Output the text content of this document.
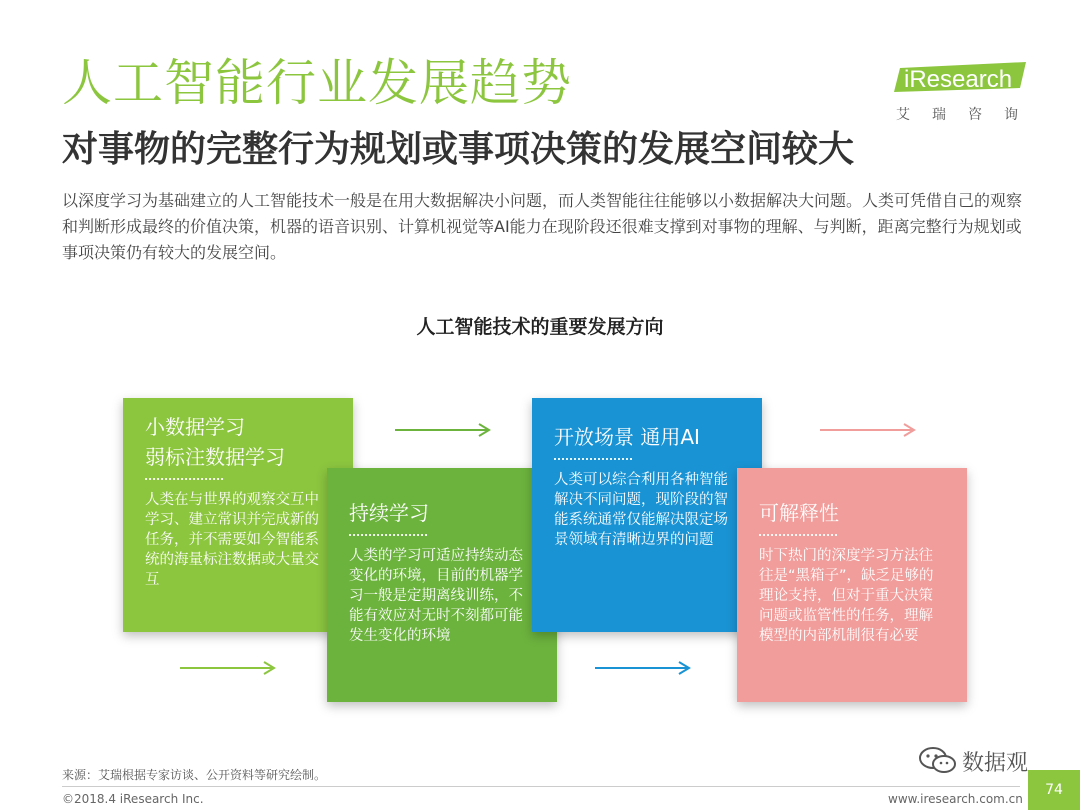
人工智能行业发展趋势
对事物的完整行为规划或事项决策的发展空间较大
iResearch
艾瑞咨询

以深度学习为基础建立的人工智能技术一般是在用大数据解决小问题，而人类智能往往能够以小数据解决大问题。人类可凭借自己的观察和判断形成最终的价值决策，机器的语音识别、计算机视觉等AI能力在现阶段还很难支撑到对事物的理解、与判断，距离完整行为规划或事项决策仍有较大的发展空间。

人工智能技术的重要发展方向
小数据学习
弱标注数据学习

人类在与世界的观察交互中学习、建立常识并完成新的任务，并不需要如今智能系统的海量标注数据或大量交互

持续学习

人类的学习可适应持续动态变化的环境，目前的机器学习一般是定期离线训练，不能有效应对无时不刻都可能发生变化的环境

开放场景 通用AI

人类可以综合利用各种智能解决不同问题，现阶段的智能系统通常仅能解决限定场景领域有清晰边界的问题

可解释性

时下热门的深度学习方法往往是“黑箱子”，缺乏足够的理论支持，但对于重大决策问题或监管性的任务，理解模型的内部机制很有必要

来源：艾瑞根据专家访谈、公开资料等研究绘制。	数据观

©2018.4 iResearch Inc.	www.iresearch.com.cn

74
